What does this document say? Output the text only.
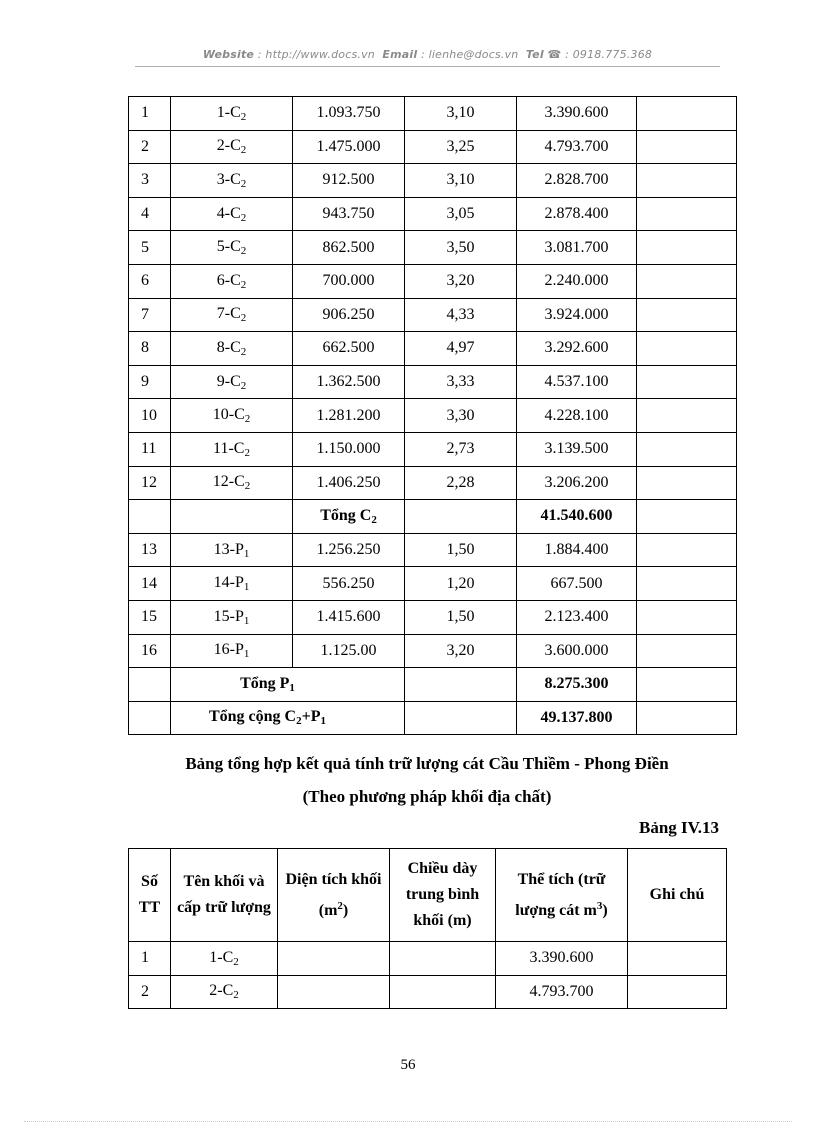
Website : http://www.docs.vn Email : lienhe@docs.vn Tel ☎ : 0918.775.368
1	$1-C_2$	1.093.750	3,10	3.390.600	
2	$2-C_2$	1.475.000	3,25	4.793.700	
3	$3-C_2$	912.500	3,10	2.828.700	
4	$4-C_2$	943.750	3,05	2.878.400	
5	$5-C_2$	862.500	3,50	3.081.700	
6	$6-C_2$	700.000	3,20	2.240.000	
7	$7-C_2$	906.250	4,33	3.924.000	
8	$8-C_2$	662.500	4,97	3.292.600	
9	$9-C_2$	1.362.500	3,33	4.537.100	
10	$10-C_2$	1.281.200	3,30	4.228.100	
11	$11-C_2$	1.150.000	2,73	3.139.500	
12	$12-C_2$	1.406.250	2,28	3.206.200	
		Tổng $C_2$		41.540.600	
13	$13-P_1$	1.256.250	1,50	1.884.400	
14	$14-P_1$	556.250	1,20	667.500	
15	$15-P_1$	1.415.600	1,50	2.123.400	
16	$16-P_1$	1.125.00	3,20	3.600.000	
	Tổng $P_1$			8.275.300	
	Tổng cộng $C_2+P_1$			49.137.800	
Bảng tổng hợp kết quả tính trữ lượng cát Cầu Thiềm - Phong Điền
(Theo phương pháp khối địa chất)
Bảng IV.13
Số TT	Tên khối và cấp trữ lượng	Diện tích khối $(m^2)$	Chiều dày trung bình khối (m)	Thể tích (trữ lượng cát $m^3$)	Ghi chú
1	$1-C_2$			3.390.600	
2	$2-C_2$			4.793.700	
56
